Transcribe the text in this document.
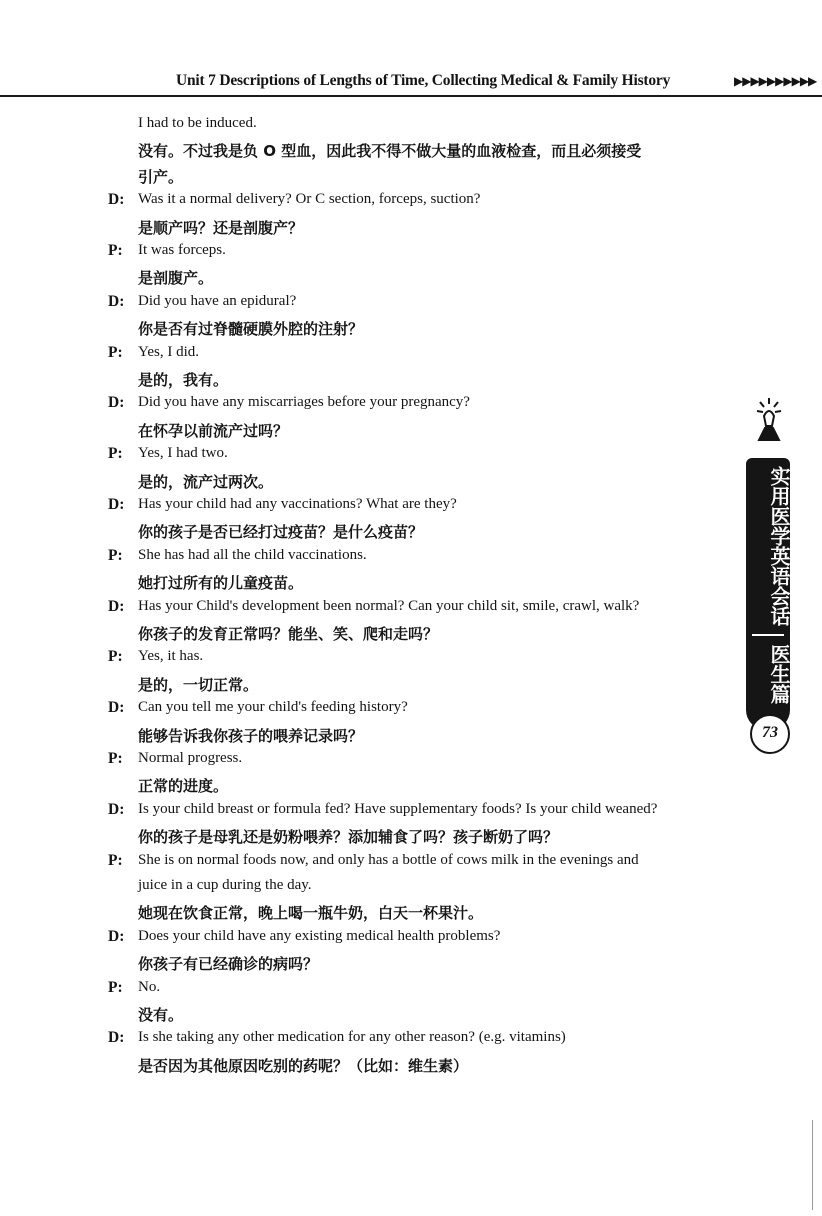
Unit 7 Descriptions of Lengths of Time, Collecting Medical & Family History	▶▶▶▶▶▶▶▶▶▶
I had to be induced.
没有。不过我是负 O 型血，因此我不得不做大量的血液检查，而且必须接受
引产。
D: Was it a normal delivery? Or C section, forceps, suction?
是顺产吗？还是剖腹产？
P: It was forceps.
是剖腹产。
D: Did you have an epidural?
你是否有过脊髓硬膜外腔的注射？
P: Yes, I did.
是的，我有。
D: Did you have any miscarriages before your pregnancy?
在怀孕以前流产过吗？
P: Yes, I had two.
是的，流产过两次。
D: Has your child had any vaccinations? What are they?
你的孩子是否已经打过疫苗？是什么疫苗？
P: She has had all the child vaccinations.
她打过所有的儿童疫苗。
D: Has your Child's development been normal? Can your child sit, smile, crawl, walk?
你孩子的发育正常吗？能坐、笑、爬和走吗？
P: Yes, it has.
是的，一切正常。
D: Can you tell me your child's feeding history?
能够告诉我你孩子的喂养记录吗？
P: Normal progress.
正常的进度。
D: Is your child breast or formula fed? Have supplementary foods? Is your child weaned?
你的孩子是母乳还是奶粉喂养？添加辅食了吗？孩子断奶了吗？
P: She is on normal foods now, and only has a bottle of cows milk in the evenings and
juice in a cup during the day.
她现在饮食正常，晚上喝一瓶牛奶，白天一杯果汁。
D: Does your child have any existing medical health problems?
你孩子有已经确诊的病吗？
P: No.
没有。
D: Is she taking any other medication for any other reason? (e.g. vitamins)
是否因为其他原因吃别的药呢？（比如：维生素）
实用医学英语会话
医生篇
73
